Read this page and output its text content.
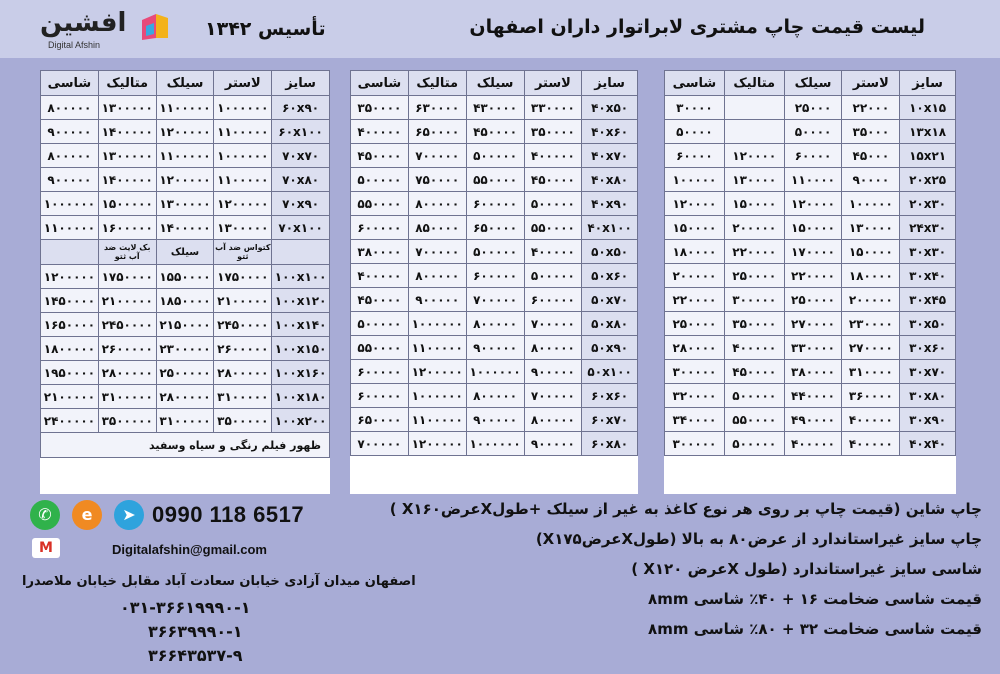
افشین
Digital Afshin
تأسیس ۱۳۴۲	لیست قیمت چاپ مشتری لابراتوار داران اصفهان
سایز	لاستر	سیلک	متالیک	شاسی
۶۰x۹۰	۱۰۰۰۰۰۰	۱۱۰۰۰۰۰	۱۳۰۰۰۰۰	۸۰۰۰۰۰
۶۰x۱۰۰	۱۱۰۰۰۰۰	۱۲۰۰۰۰۰	۱۴۰۰۰۰۰	۹۰۰۰۰۰
۷۰x۷۰	۱۰۰۰۰۰۰	۱۱۰۰۰۰۰	۱۳۰۰۰۰۰	۸۰۰۰۰۰
۷۰x۸۰	۱۱۰۰۰۰۰	۱۲۰۰۰۰۰	۱۴۰۰۰۰۰	۹۰۰۰۰۰
۷۰x۹۰	۱۲۰۰۰۰۰	۱۳۰۰۰۰۰	۱۵۰۰۰۰۰	۱۰۰۰۰۰۰
۷۰x۱۰۰	۱۳۰۰۰۰۰	۱۴۰۰۰۰۰	۱۶۰۰۰۰۰	۱۱۰۰۰۰۰

	کتواس ضد آب ثتو	سیلک	بک لایت ضد آب ثتو	

۱۰۰x۱۰۰	۱۷۵۰۰۰۰	۱۵۵۰۰۰۰	۱۷۵۰۰۰۰	۱۲۰۰۰۰۰
۱۰۰x۱۲۰	۲۱۰۰۰۰۰	۱۸۵۰۰۰۰	۲۱۰۰۰۰۰	۱۴۵۰۰۰۰
۱۰۰x۱۴۰	۲۴۵۰۰۰۰	۲۱۵۰۰۰۰	۲۴۵۰۰۰۰	۱۶۵۰۰۰۰
۱۰۰x۱۵۰	۲۶۰۰۰۰۰	۲۳۰۰۰۰۰	۲۶۰۰۰۰۰	۱۸۰۰۰۰۰
۱۰۰x۱۶۰	۲۸۰۰۰۰۰	۲۵۰۰۰۰۰	۲۸۰۰۰۰۰	۱۹۵۰۰۰۰
۱۰۰x۱۸۰	۳۱۰۰۰۰۰	۲۸۰۰۰۰۰	۳۱۰۰۰۰۰	۲۱۰۰۰۰۰
۱۰۰x۲۰۰	۳۵۰۰۰۰۰	۳۱۰۰۰۰۰	۳۵۰۰۰۰۰	۲۴۰۰۰۰۰
ظهور فیلم رنگی و سیاه وسفید				
سایز	لاستر	سیلک	متالیک	شاسی
۴۰x۵۰	۳۳۰۰۰۰	۴۳۰۰۰۰	۶۳۰۰۰۰	۳۵۰۰۰۰
۴۰x۶۰	۳۵۰۰۰۰	۴۵۰۰۰۰	۶۵۰۰۰۰	۴۰۰۰۰۰
۴۰x۷۰	۴۰۰۰۰۰	۵۰۰۰۰۰	۷۰۰۰۰۰	۴۵۰۰۰۰
۴۰x۸۰	۴۵۰۰۰۰	۵۵۰۰۰۰	۷۵۰۰۰۰	۵۰۰۰۰۰
۴۰x۹۰	۵۰۰۰۰۰	۶۰۰۰۰۰	۸۰۰۰۰۰	۵۵۰۰۰۰
۴۰x۱۰۰	۵۵۰۰۰۰	۶۵۰۰۰۰	۸۵۰۰۰۰	۶۰۰۰۰۰
۵۰x۵۰	۴۰۰۰۰۰	۵۰۰۰۰۰	۷۰۰۰۰۰	۳۸۰۰۰۰
۵۰x۶۰	۵۰۰۰۰۰	۶۰۰۰۰۰	۸۰۰۰۰۰	۴۰۰۰۰۰
۵۰x۷۰	۶۰۰۰۰۰	۷۰۰۰۰۰	۹۰۰۰۰۰	۴۵۰۰۰۰
۵۰x۸۰	۷۰۰۰۰۰	۸۰۰۰۰۰	۱۰۰۰۰۰۰	۵۰۰۰۰۰
۵۰x۹۰	۸۰۰۰۰۰	۹۰۰۰۰۰	۱۱۰۰۰۰۰	۵۵۰۰۰۰
۵۰x۱۰۰	۹۰۰۰۰۰	۱۰۰۰۰۰۰	۱۲۰۰۰۰۰	۶۰۰۰۰۰
۶۰x۶۰	۷۰۰۰۰۰	۸۰۰۰۰۰	۱۰۰۰۰۰۰	۶۰۰۰۰۰
۶۰x۷۰	۸۰۰۰۰۰	۹۰۰۰۰۰	۱۱۰۰۰۰۰	۶۵۰۰۰۰
۶۰x۸۰	۹۰۰۰۰۰	۱۰۰۰۰۰۰	۱۲۰۰۰۰۰	۷۰۰۰۰۰
سایز	لاستر	سیلک	متالیک	شاسی
۱۰x۱۵	۲۲۰۰۰	۲۵۰۰۰		۳۰۰۰۰
۱۳x۱۸	۳۵۰۰۰	۵۰۰۰۰		۵۰۰۰۰
۱۵x۲۱	۴۵۰۰۰	۶۰۰۰۰	۱۲۰۰۰۰	۶۰۰۰۰
۲۰x۲۵	۹۰۰۰۰	۱۱۰۰۰۰	۱۳۰۰۰۰	۱۰۰۰۰۰
۲۰x۳۰	۱۰۰۰۰۰	۱۲۰۰۰۰	۱۵۰۰۰۰	۱۲۰۰۰۰
۲۴x۳۰	۱۳۰۰۰۰	۱۵۰۰۰۰	۲۰۰۰۰۰	۱۵۰۰۰۰
۳۰x۳۰	۱۵۰۰۰۰	۱۷۰۰۰۰	۲۲۰۰۰۰	۱۸۰۰۰۰
۳۰x۴۰	۱۸۰۰۰۰	۲۲۰۰۰۰	۲۵۰۰۰۰	۲۰۰۰۰۰
۳۰x۴۵	۲۰۰۰۰۰	۲۵۰۰۰۰	۳۰۰۰۰۰	۲۲۰۰۰۰
۳۰x۵۰	۲۳۰۰۰۰	۲۷۰۰۰۰	۳۵۰۰۰۰	۲۵۰۰۰۰
۳۰x۶۰	۲۷۰۰۰۰	۳۳۰۰۰۰	۴۰۰۰۰۰	۲۸۰۰۰۰
۳۰x۷۰	۳۱۰۰۰۰	۳۸۰۰۰۰	۴۵۰۰۰۰	۳۰۰۰۰۰
۳۰x۸۰	۳۶۰۰۰۰	۴۴۰۰۰۰	۵۰۰۰۰۰	۳۲۰۰۰۰
۳۰x۹۰	۴۰۰۰۰۰	۴۹۰۰۰۰	۵۵۰۰۰۰	۳۴۰۰۰۰
۴۰x۴۰	۴۰۰۰۰۰	۴۰۰۰۰۰	۵۰۰۰۰۰	۳۰۰۰۰۰

چاپ شاین (قیمت چاپ بر روی هر نوع کاغذ به غیر از سیلک +طولXعرضX۱۶۰ )

چاپ سایز غیراستاندارد از عرض۸۰ به بالا (طولXعرضX۱۷۵)

شاسی سایز غیراستاندارد (طول Xعرض X۱۲۰ )

قیمت شاسی ضخامت ۱۶ + ۴۰٪ شاسی ۸mm

قیمت شاسی ضخامت ۳۲ + ۸۰٪ شاسی ۸mm

✆	e	➤
M
0990 118 6517
Digitalafshin@gmail.com
اصفهان میدان آزادی خیابان سعادت آباد مقابل خیابان ملاصدرا
۰۳۱-۳۶۶۱۹۹۹۰-۱
۳۶۶۳۹۹۹۰-۱
۳۶۶۴۳۵۳۷-۹
